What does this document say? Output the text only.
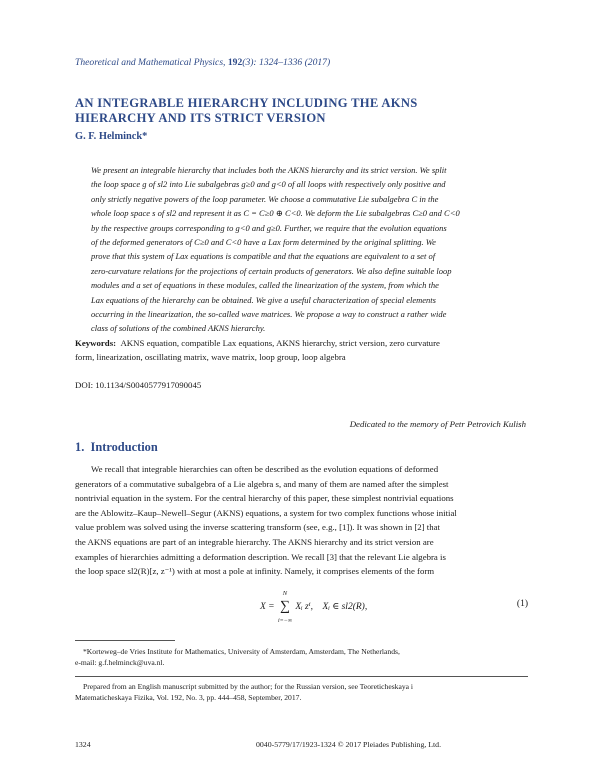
Theoretical and Mathematical Physics, 192(3): 1324–1336 (2017)
AN INTEGRABLE HIERARCHY INCLUDING THE AKNS
HIERARCHY AND ITS STRICT VERSION
G. F. Helminck*
We present an integrable hierarchy that includes both the AKNS hierarchy and its strict version. We split
the loop space g of sl2 into Lie subalgebras g≥0 and g<0 of all loops with respectively only positive and
only strictly negative powers of the loop parameter. We choose a commutative Lie subalgebra C in the
whole loop space s of sl2 and represent it as C = C≥0 ⊕ C<0. We deform the Lie subalgebras C≥0 and C<0
by the respective groups corresponding to g<0 and g≥0. Further, we require that the evolution equations
of the deformed generators of C≥0 and C<0 have a Lax form determined by the original splitting. We
prove that this system of Lax equations is compatible and that the equations are equivalent to a set of
zero-curvature relations for the projections of certain products of generators. We also define suitable loop
modules and a set of equations in these modules, called the linearization of the system, from which the
Lax equations of the hierarchy can be obtained. We give a useful characterization of special elements
occurring in the linearization, the so-called wave matrices. We propose a way to construct a rather wide
class of solutions of the combined AKNS hierarchy.
Keywords: AKNS equation, compatible Lax equations, AKNS hierarchy, strict version, zero curvature
form, linearization, oscillating matrix, wave matrix, loop group, loop algebra
DOI: 10.1134/S0040577917090045
Dedicated to the memory of Petr Petrovich Kulish
1. Introduction

We recall that integrable hierarchies can often be described as the evolution equations of deformed

generators of a commutative subalgebra of a Lie algebra s, and many of them are named after the simplest
nontrivial equation in the system. For the central hierarchy of this paper, these simplest nontrivial equations
are the Ablowitz–Kaup–Newell–Segur (AKNS) equations, a system for two complex functions whose initial
value problem was solved using the inverse scattering transform (see, e.g., [1]). It was shown in [2] that
the AKNS equations are part of an integrable hierarchy. The AKNS hierarchy and its strict version are
examples of hierarchies admitting a deformation description. We recall [3] that the relevant Lie algebra is
the loop space sl2(R)[z, z⁻¹) with at most a pole at infinity. Namely, it comprises elements of the form
X = ∑
N
i=−∞
Xᵢ zⁱ, Xᵢ ∈ sl2(R),	(1)

*Korteweg–de Vries Institute for Mathematics, University of Amsterdam, Amsterdam, The Netherlands,

e-mail: g.f.helminck@uva.nl.

Prepared from an English manuscript submitted by the author; for the Russian version, see Teoreticheskaya i
Matematicheskaya Fizika, Vol. 192, No. 3, pp. 444–458, September, 2017.
1324	0040-5779/17/1923-1324 © 2017 Pleiades Publishing, Ltd.
